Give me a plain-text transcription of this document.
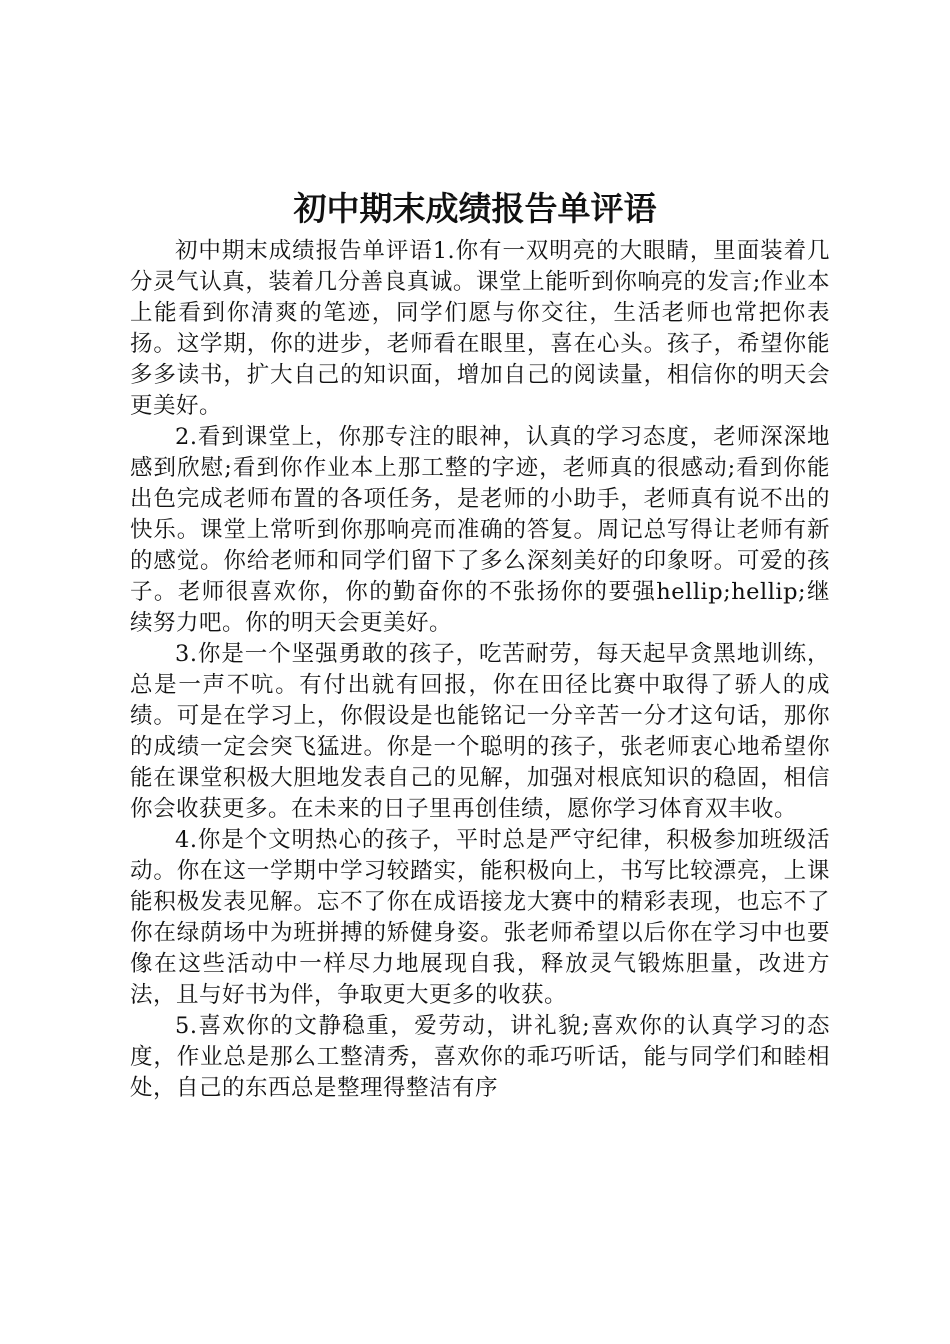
初中期末成绩报告单评语

初中期末成绩报告单评语1.你有一双明亮的大眼睛，里面装着几分灵气认真，装着几分善良真诚。课堂上能听到你响亮的发言;作业本上能看到你清爽的笔迹，同学们愿与你交往，生活老师也常把你表扬。这学期，你的进步，老师看在眼里，喜在心头。孩子，希望你能多多读书，扩大自己的知识面，增加自己的阅读量，相信你的明天会更美好。

2.看到课堂上，你那专注的眼神，认真的学习态度，老师深深地感到欣慰;看到你作业本上那工整的字迹，老师真的很感动;看到你能出色完成老师布置的各项任务，是老师的小助手，老师真有说不出的快乐。课堂上常听到你那响亮而准确的答复。周记总写得让老师有新的感觉。你给老师和同学们留下了多么深刻美好的印象呀。可爱的孩子。老师很喜欢你，你的勤奋你的不张扬你的要强hellip;hellip;继续努力吧。你的明天会更美好。

3.你是一个坚强勇敢的孩子，吃苦耐劳，每天起早贪黑地训练，总是一声不吭。有付出就有回报，你在田径比赛中取得了骄人的成绩。可是在学习上，你假设是也能铭记一分辛苦一分才这句话，那你的成绩一定会突飞猛进。你是一个聪明的孩子，张老师衷心地希望你能在课堂积极大胆地发表自己的见解，加强对根底知识的稳固，相信你会收获更多。在未来的日子里再创佳绩，愿你学习体育双丰收。

4.你是个文明热心的孩子，平时总是严守纪律，积极参加班级活动。你在这一学期中学习较踏实，能积极向上，书写比较漂亮，上课能积极发表见解。忘不了你在成语接龙大赛中的精彩表现，也忘不了你在绿荫场中为班拼搏的矫健身姿。张老师希望以后你在学习中也要像在这些活动中一样尽力地展现自我，释放灵气锻炼胆量，改进方法，且与好书为伴，争取更大更多的收获。

5.喜欢你的文静稳重，爱劳动，讲礼貌;喜欢你的认真学习的态度，作业总是那么工整清秀，喜欢你的乖巧听话，能与同学们和睦相处，自己的东西总是整理得整洁有序
